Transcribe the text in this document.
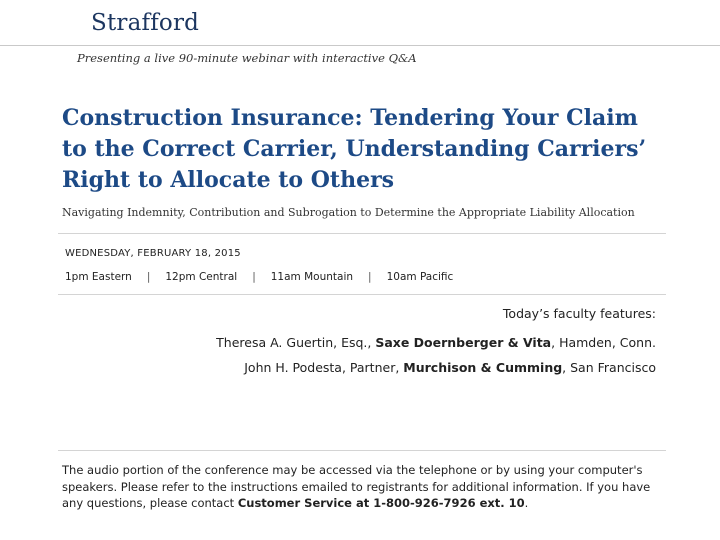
Strafford
Presenting a live 90-minute webinar with interactive Q&A
Construction Insurance: Tendering Your Claim
to the Correct Carrier, Understanding Carriers’
Right to Allocate to Others
Navigating Indemnity, Contribution and Subrogation to Determine the Appropriate Liability Allocation
WEDNESDAY, FEBRUARY 18, 2015
1pm Eastern | 12pm Central | 11am Mountain | 10am Pacific
Today’s faculty features:
Theresa A. Guertin, Esq., Saxe Doernberger & Vita, Hamden, Conn.
John H. Podesta, Partner, Murchison & Cumming, San Francisco
The audio portion of the conference may be accessed via the telephone or by using your computer's speakers. Please refer to the instructions emailed to registrants for additional information. If you have any questions, please contact Customer Service at 1-800-926-7926 ext. 10.
